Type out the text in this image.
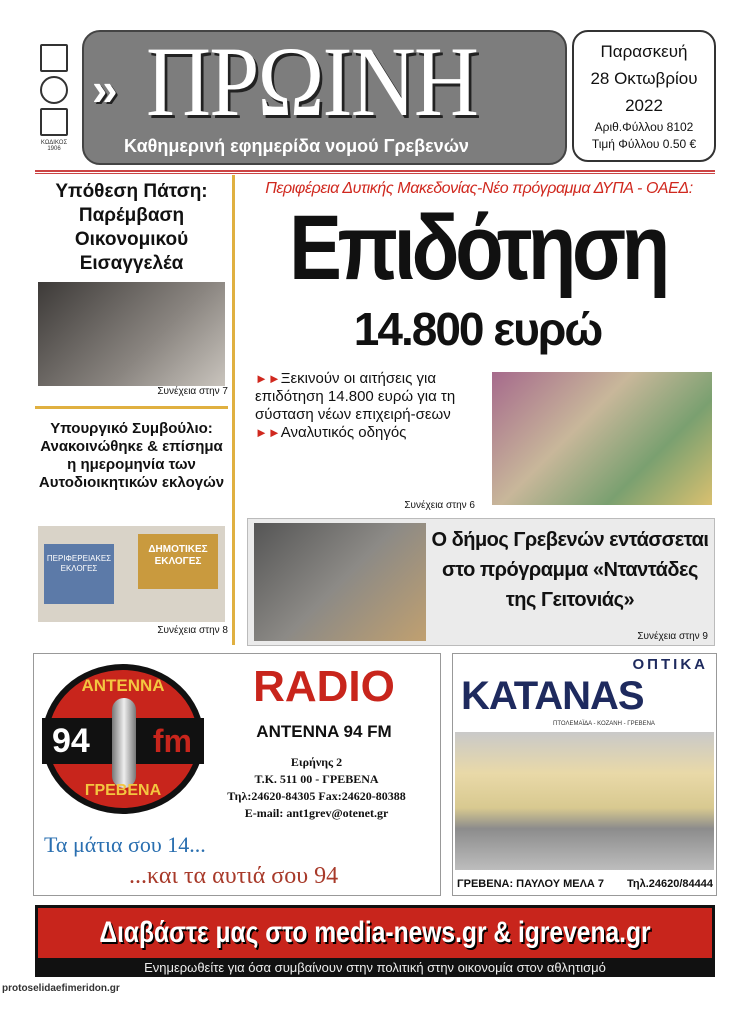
ΚΩΔΙΚΟΣ
1906
» ΠΡΩΙΝΗ
Καθημερινή εφημερίδα νομού Γρεβενών
Παρασκευή
28 Οκτωβρίου
2022
Αριθ.Φύλλου 8102
Τιμή Φύλλου 0.50 €
Υπόθεση Πάτση: Παρέμβαση Οικονομικού Εισαγγελέα
Συνέχεια στην 7
Υπουργικό Συμβούλιο: Ανακοινώθηκε & επίσημα η ημερομηνία των Αυτοδιοικητικών εκλογών
ΠΕΡΙΦΕΡΕΙΑΚΕΣ ΕΚΛΟΓΕΣ
ΔΗΜΟΤΙΚΕΣ ΕΚΛΟΓΕΣ
Συνέχεια στην 8
Περιφέρεια Δυτικής Μακεδονίας-Νέο πρόγραμμα ΔΥΠΑ - ΟΑΕΔ:
Επιδότηση
14.800 ευρώ
►►Ξεκινούν οι αιτήσεις για επιδότηση 14.800 ευρώ για τη σύσταση νέων επιχειρή-σεων
►►Αναλυτικός οδηγός
Συνέχεια στην 6
Ο δήμος Γρεβενών εντάσσεται στο πρόγραμμα «Νταντάδες της Γειτονιάς»
Συνέχεια στην 9
ΑΝΤΕΝΝΑ
94 fm
ΓΡΕΒΕΝΑ
RADIO
ANTENNA 94 FM
Ειρήνης 2
Τ.Κ. 511 00 - ΓΡΕΒΕΝΑ
Τηλ:24620-84305 Fax:24620-80388
E-mail: ant1grev@otenet.gr
Τα μάτια σου 14...
...και τα αυτιά σου 94
ΟΠΤΙΚΑ
KATANAS
ΠΤΟΛΕΜΑΪΔΑ - ΚΟΖΑΝΗ - ΓΡΕΒΕΝΑ
ΓΡΕΒΕΝΑ: ΠΑΥΛΟΥ ΜΕΛΑ 7 Τηλ.24620/84444
Διαβάστε μας στο media-news.gr & igrevena.gr
Ενημερωθείτε για όσα συμβαίνουν στην πολιτική στην οικονομία στον αθλητισμό
protoselidaefimeridon.gr
